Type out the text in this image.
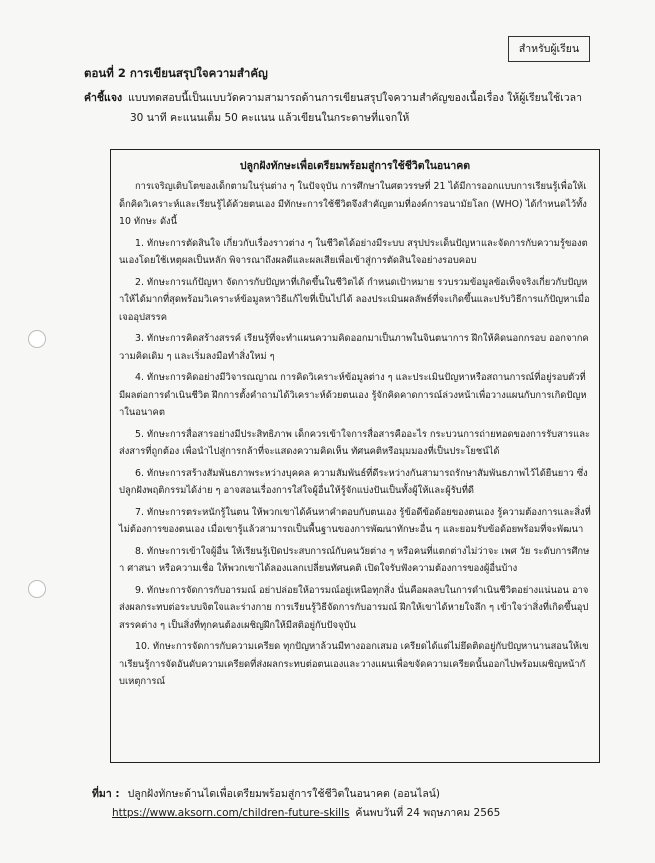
สำหรับผู้เรียน
ตอนที่ 2 การเขียนสรุปใจความสำคัญ
คำชี้แจง แบบทดสอบนี้เป็นแบบวัดความสามารถด้านการเขียนสรุปใจความสำคัญของเนื้อเรื่อง ให้ผู้เรียนใช้เวลา
30 นาที คะแนนเต็ม 50 คะแนน แล้วเขียนในกระดาษที่แจกให้
ปลูกฝังทักษะเพื่อเตรียมพร้อมสู่การใช้ชีวิตในอนาคต

การเจริญเติบโตของเด็กตามในรุ่นต่าง ๆ ในปัจจุบัน การศึกษาในศตวรรษที่ 21 ได้มีการออกแบบการเรียนรู้เพื่อให้เด็กคิดวิเคราะห์และเรียนรู้ได้ด้วยตนเอง มีทักษะการใช้ชีวิตจึงสำคัญตามที่องค์การอนามัยโลก (WHO) ได้กำหนดไว้ทั้ง 10 ทักษะ ดังนี้

1. ทักษะการตัดสินใจ เกี่ยวกับเรื่องราวต่าง ๆ ในชีวิตได้อย่างมีระบบ สรุปประเด็นปัญหาและจัดการกับความรู้ของตนเองโดยใช้เหตุผลเป็นหลัก พิจารณาถึงผลดีและผลเสียเพื่อเข้าสู่การตัดสินใจอย่างรอบคอบ

2. ทักษะการแก้ปัญหา จัดการกับปัญหาที่เกิดขึ้นในชีวิตได้ กำหนดเป้าหมาย รวบรวมข้อมูลข้อเท็จจริงเกี่ยวกับปัญหาให้ได้มากที่สุดพร้อมวิเคราะห์ข้อมูลหาวิธีแก้ไขที่เป็นไปได้ ลองประเมินผลลัพธ์ที่จะเกิดขึ้นและปรับวิธีการแก้ปัญหาเมื่อเจออุปสรรค

3. ทักษะการคิดสร้างสรรค์ เรียนรู้ที่จะทำแผนความคิดออกมาเป็นภาพในจินตนาการ ฝึกให้คิดนอกกรอบ ออกจากความคิดเดิม ๆ และเริ่มลงมือทำสิ่งใหม่ ๆ

4. ทักษะการคิดอย่างมีวิจารณญาณ การคิดวิเคราะห์ข้อมูลต่าง ๆ และประเมินปัญหาหรือสถานการณ์ที่อยู่รอบตัวที่มีผลต่อการดำเนินชีวิต ฝึกการตั้งคำถามได้วิเคราะห์ด้วยตนเอง รู้จักคิดคาดการณ์ล่วงหน้าเพื่อวางแผนกับการเกิดปัญหาในอนาคต

5. ทักษะการสื่อสารอย่างมีประสิทธิภาพ เด็กควรเข้าใจการสื่อสารคืออะไร กระบวนการถ่ายทอดของการรับสารและส่งสารที่ถูกต้อง เพื่อนำไปสู่การกล้าที่จะแสดงความคิดเห็น ทัศนคติหรือมุมมองที่เป็นประโยชน์ได้

6. ทักษะการสร้างสัมพันธภาพระหว่างบุคคล ความสัมพันธ์ที่ดีระหว่างกันสามารถรักษาสัมพันธภาพไว้ได้ยืนยาว ซึ่งปลูกฝังพฤติกรรมได้ง่าย ๆ อาจสอนเรื่องการใส่ใจผู้อื่นให้รู้จักแบ่งปันเป็นทั้งผู้ให้และผู้รับที่ดี

7. ทักษะการตระหนักรู้ในตน ให้พวกเขาได้ค้นหาคำตอบกับตนเอง รู้ข้อดีข้อด้อยของตนเอง รู้ความต้องการและสิ่งที่ไม่ต้องการของตนเอง เมื่อเขารู้แล้วสามารถเป็นพื้นฐานของการพัฒนาทักษะอื่น ๆ และยอมรับข้อด้อยพร้อมที่จะพัฒนา

8. ทักษะการเข้าใจผู้อื่น ให้เรียนรู้เปิดประสบการณ์กับคนวัยต่าง ๆ หรือคนที่แตกต่างไม่ว่าจะ เพศ วัย ระดับการศึกษา ศาสนา หรือความเชื่อ ให้พวกเขาได้ลองแลกเปลี่ยนทัศนคติ เปิดใจรับฟังความต้องการของผู้อื่นบ้าง

9. ทักษะการจัดการกับอารมณ์ อย่าปล่อยให้อารมณ์อยู่เหนือทุกสิ่ง นั่นคือผลลบในการดำเนินชีวิตอย่างแน่นอน อาจส่งผลกระทบต่อระบบจิตใจและร่างกาย การเรียนรู้วิธีจัดการกับอารมณ์ ฝึกให้เขาได้หายใจลึก ๆ เข้าใจว่าสิ่งที่เกิดขึ้นอุปสรรคต่าง ๆ เป็นสิ่งที่ทุกคนต้องเผชิญฝึกให้มีสติอยู่กับปัจจุบัน

10. ทักษะการจัดการกับความเครียด ทุกปัญหาล้วนมีทางออกเสมอ เครียดได้แต่ไม่ยึดติดอยู่กับปัญหานานสอนให้เขาเรียนรู้การจัดอันดับความเครียดที่ส่งผลกระทบต่อตนเองและวางแผนเพื่อขจัดความเครียดนั้นออกไปพร้อมเผชิญหน้ากับเหตุการณ์

ที่มา : ปลูกฝังทักษะด้านไดเพื่อเตรียมพร้อมสู่การใช้ชีวิตในอนาคต (ออนไลน์)
https://www.aksorn.com/children-future-skills ค้นพบวันที่ 24 พฤษภาคม 2565
